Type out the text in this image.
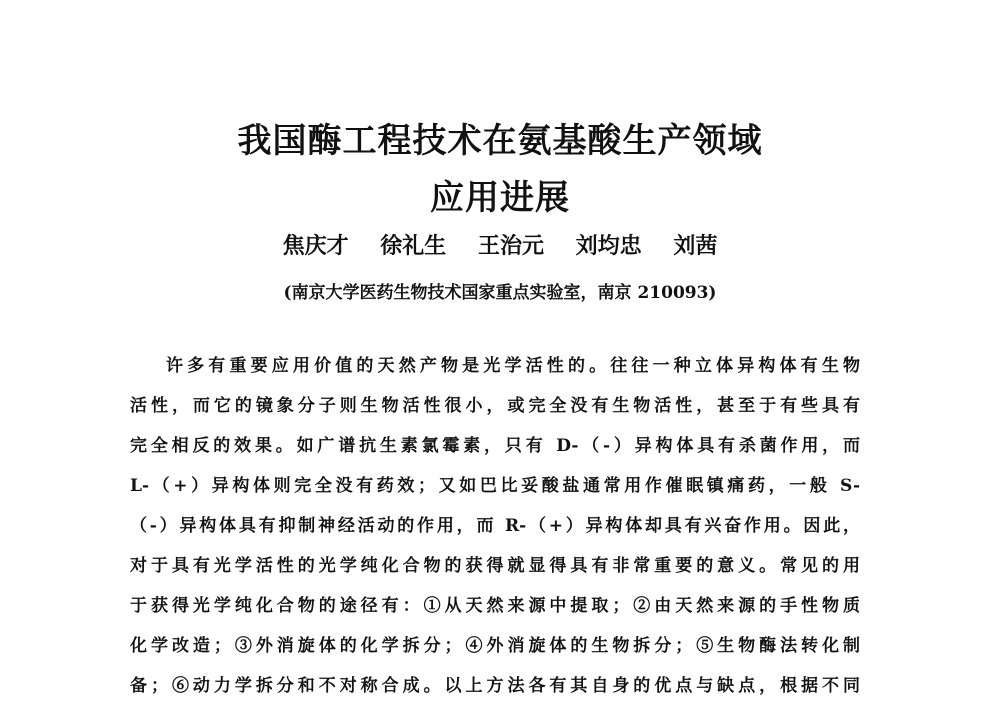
我国酶工程技术在氨基酸生产领域
应用进展
焦庆才 徐礼生 王治元 刘均忠 刘茜
(南京大学医药生物技术国家重点实验室，南京 210093)
许多有重要应用价值的天然产物是光学活性的。往往一种立体异构体有生物
活性，而它的镜象分子则生物活性很小，或完全没有生物活性，甚至于有些具有
完全相反的效果。如广谱抗生素氯霉素，只有 D-（-）异构体具有杀菌作用，而
L-（+）异构体则完全没有药效；又如巴比妥酸盐通常用作催眠镇痛药，一般 S-
（-）异构体具有抑制神经活动的作用，而 R-（+）异构体却具有兴奋作用。因此，
对于具有光学活性的光学纯化合物的获得就显得具有非常重要的意义。常见的用
于获得光学纯化合物的途径有：①从天然来源中提取；②由天然来源的手性物质
化学改造；③外消旋体的化学拆分；④外消旋体的生物拆分；⑤生物酶法转化制
备；⑥动力学拆分和不对称合成。以上方法各有其自身的优点与缺点，根据不同
